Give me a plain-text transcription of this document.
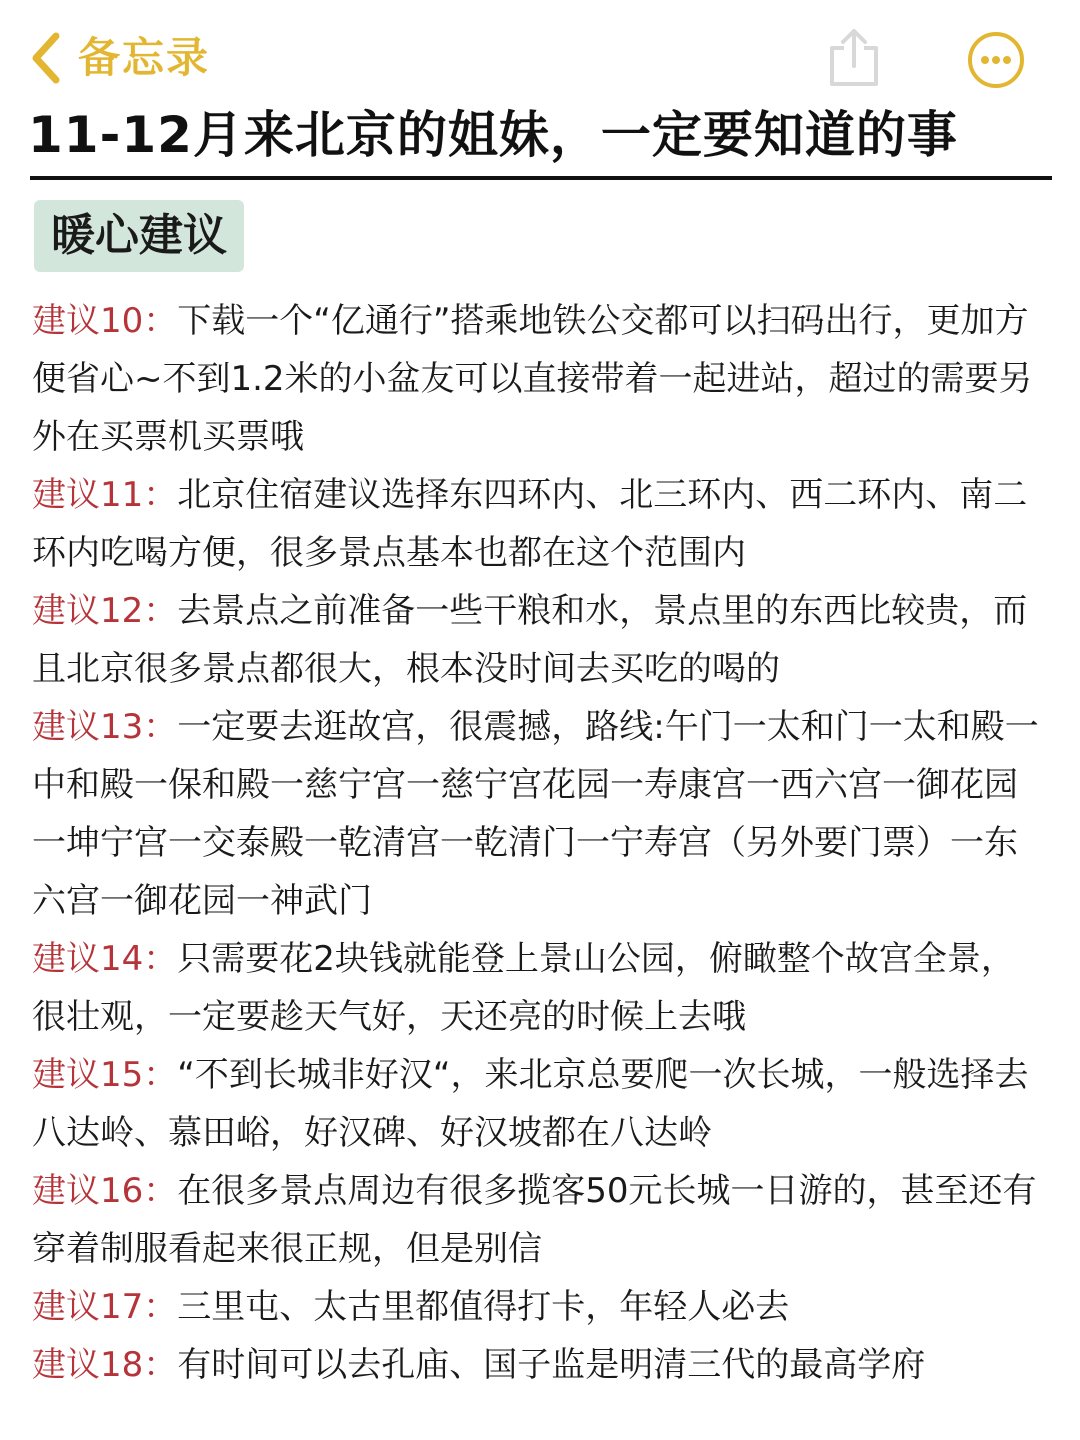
备忘录
11-12月来北京的姐妹，一定要知道的事
暖心建议

建议10：下载一个“亿通行”搭乘地铁公交都可以扫码出行，更加方便省心~不到1.2米的小盆友可以直接带着一起进站，超过的需要另外在买票机买票哦

建议11：北京住宿建议选择东四环内、北三环内、西二环内、南二环内吃喝方便，很多景点基本也都在这个范围内

建议12：去景点之前准备一些干粮和水，景点里的东西比较贵，而且北京很多景点都很大，根本没时间去买吃的喝的

建议13：一定要去逛故宫，很震撼，路线:午门一太和门一太和殿一中和殿一保和殿一慈宁宫一慈宁宫花园一寿康宫一西六宫一御花园一坤宁宫一交泰殿一乾清宫一乾清门一宁寿宫（另外要门票）一东六宫一御花园一神武门

建议14：只需要花2块钱就能登上景山公园，俯瞰整个故宫全景，很壮观，一定要趁天气好，天还亮的时候上去哦

建议15：“不到长城非好汉“，来北京总要爬一次长城，一般选择去八达岭、慕田峪，好汉碑、好汉坡都在八达岭

建议16：在很多景点周边有很多揽客50元长城一日游的，甚至还有穿着制服看起来很正规，但是别信

建议17：三里屯、太古里都值得打卡，年轻人必去

建议18：有时间可以去孔庙、国子监是明清三代的最高学府
